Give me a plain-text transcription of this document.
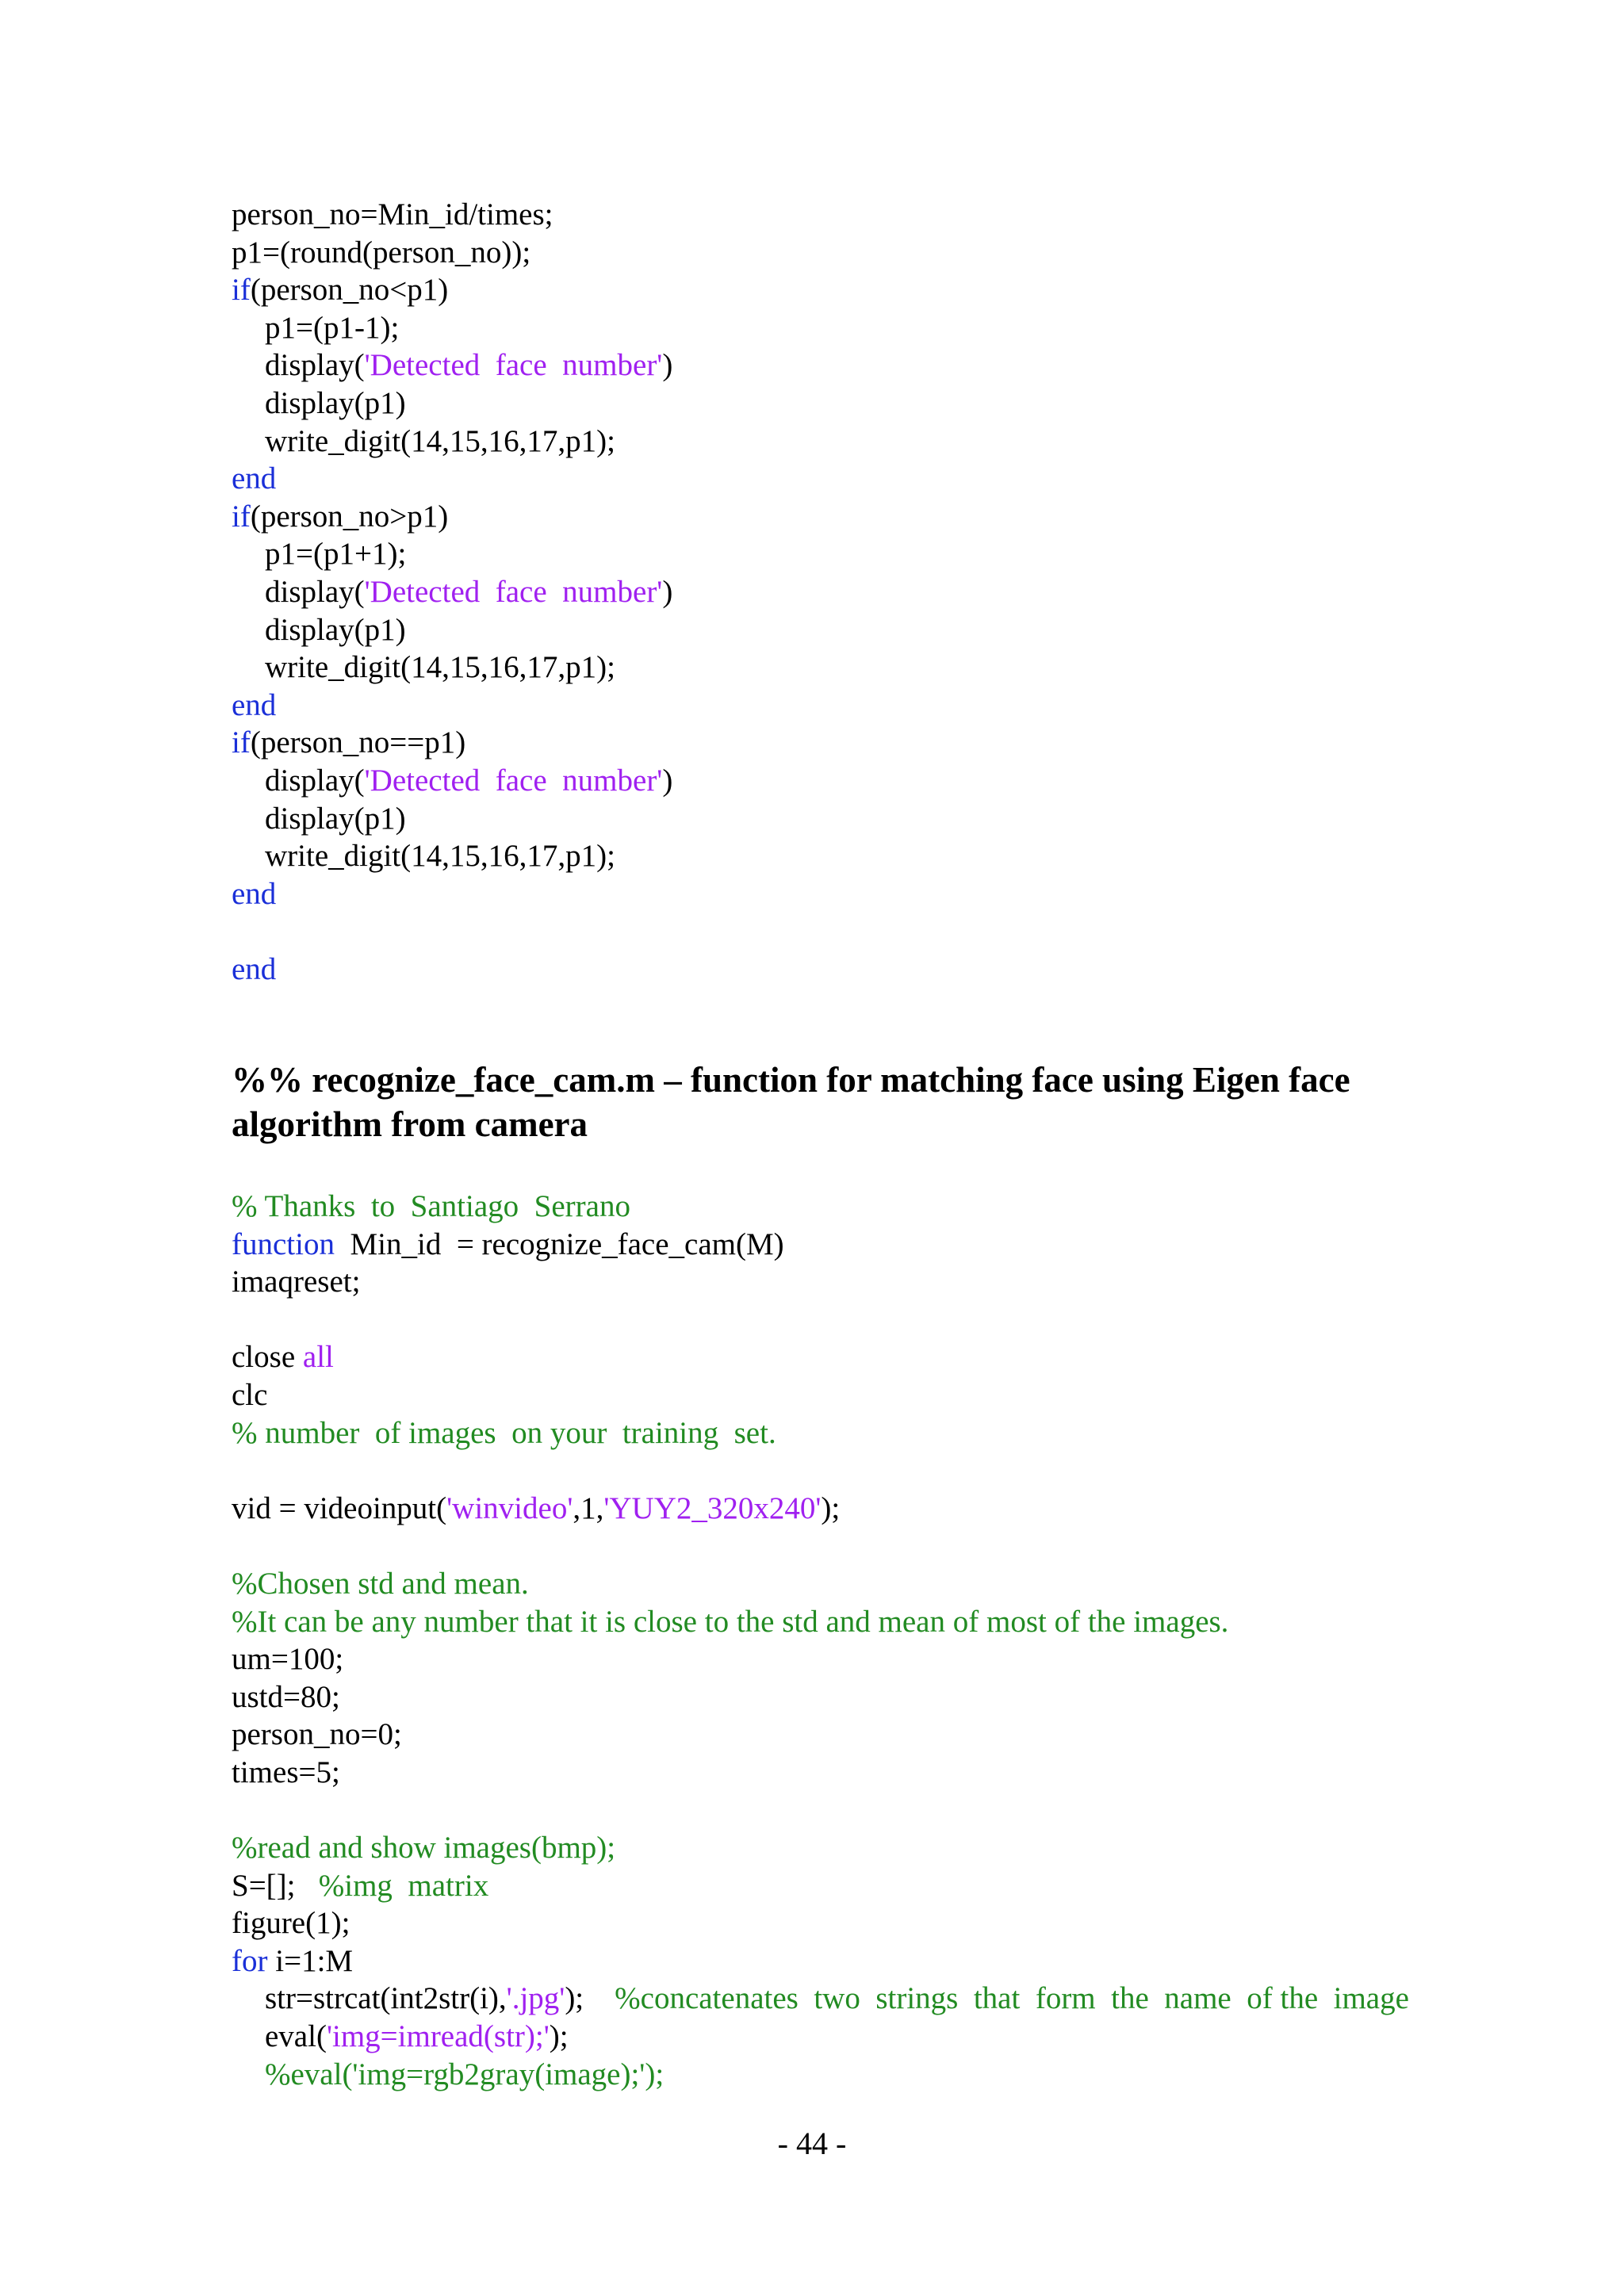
person_no=Min_id/times;
p1=(round(person_no));
if(person_no<p1)
p1=(p1-1);
display('Detected  face  number')
display(p1)
write_digit(14,15,16,17,p1);
end
if(person_no>p1)
p1=(p1+1);
display('Detected  face  number')
display(p1)
write_digit(14,15,16,17,p1);
end
if(person_no==p1)
display('Detected  face  number')
display(p1)
write_digit(14,15,16,17,p1);
end
end
%% recognize_face_cam.m – function for matching face using Eigen face algorithm from camera
% Thanks  to  Santiago  Serrano
function  Min_id  = recognize_face_cam(M)
imaqreset;
close all
clc
% number  of images  on your  training  set.
vid = videoinput('winvideo',1,'YUY2_320x240');
%Chosen std and mean.
%It can be any number that it is close to the std and mean of most of the images.
um=100;
ustd=80;
person_no=0;
times=5;
%read and show images(bmp);
S=[];   %img  matrix
figure(1);
for i=1:M
str=strcat(int2str(i),'.jpg');    %concatenates  two  strings  that  form  the  name  of the  image
eval('img=imread(str);');
%eval('img=rgb2gray(image);');
- 44 -
